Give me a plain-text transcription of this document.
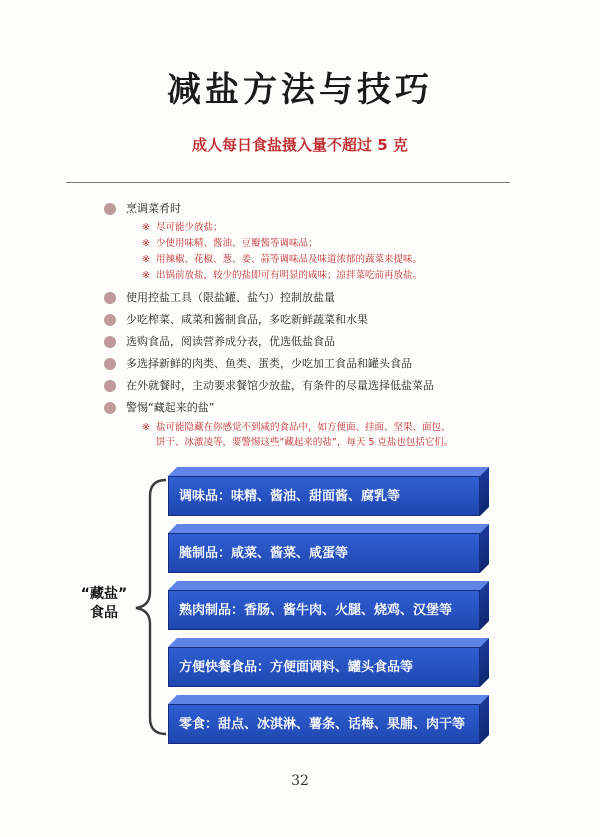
减盐方法与技巧
成人每日食盐摄入量不超过 5 克
烹调菜肴时
※ 尽可能少放盐；
※ 少使用味精、酱油、豆瓣酱等调味品；
※ 用辣椒、花椒、葱、姜、蒜等调味品及味道浓郁的蔬菜来提味。
※ 出锅前放盐，较少的盐即可有明显的咸味；凉拌菜吃前再放盐。
使用控盐工具（限盐罐、盐勺）控制放盐量
少吃榨菜、咸菜和酱制食品，多吃新鲜蔬菜和水果
选购食品，阅读营养成分表，优选低盐食品
多选择新鲜的肉类、鱼类、蛋类，少吃加工食品和罐头食品
在外就餐时，主动要求餐馆少放盐，有条件的尽量选择低盐菜品
警惕“藏起来的盐”
※ 盐可能隐藏在你感觉不到咸的食品中，如方便面、挂面、坚果、面包、
饼干、冰激凌等，要警惕这些“藏起来的盐”，每天 5 克盐也包括它们。
“藏盐”
食品
调味品：味精、酱油、甜面酱、腐乳等
腌制品：咸菜、酱菜、咸蛋等
熟肉制品：香肠、酱牛肉、火腿、烧鸡、汉堡等
方便快餐食品：方便面调料、罐头食品等
零食：甜点、冰淇淋、薯条、话梅、果脯、肉干等
32
